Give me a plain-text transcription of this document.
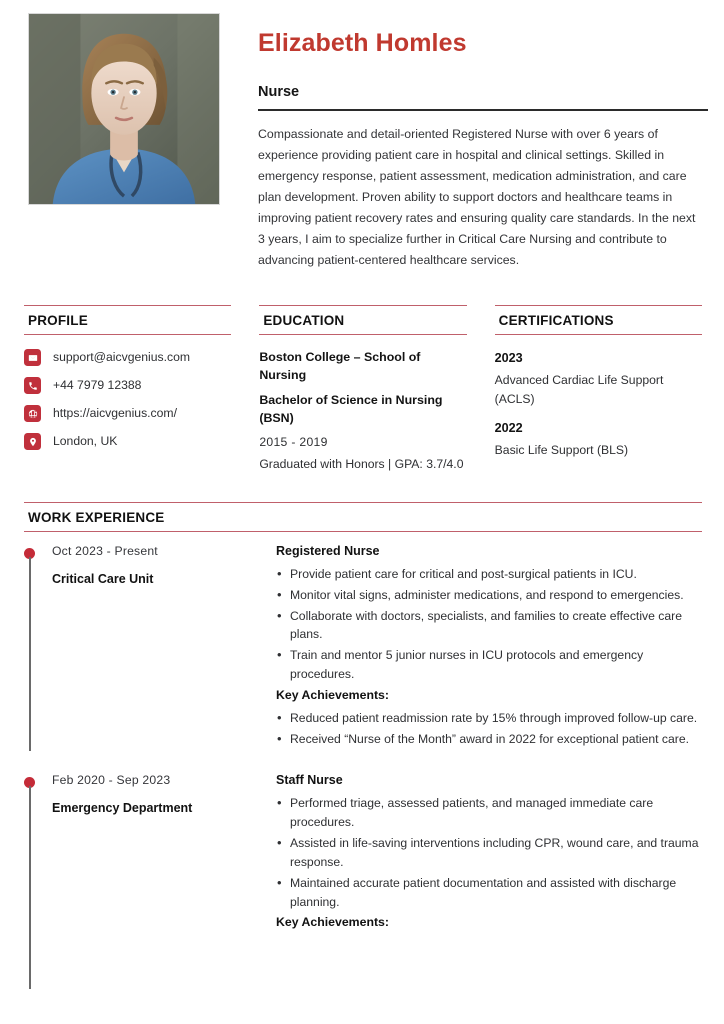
Elizabeth Homles
Nurse
Compassionate and detail-oriented Registered Nurse with over 6 years of experience providing patient care in hospital and clinical settings. Skilled in emergency response, patient assessment, medication administration, and care plan development. Proven ability to support doctors and healthcare teams in improving patient recovery rates and ensuring quality care standards. In the next 3 years, I aim to specialize further in Critical Care Nursing and contribute to advancing patient-centered healthcare services.
PROFILE
support@aicvgenius.com
+44 7979 12388
https://aicvgenius.com/
London, UK
EDUCATION
Boston College – School of Nursing
Bachelor of Science in Nursing (BSN)
2015 - 2019
Graduated with Honors | GPA: 3.7/4.0
CERTIFICATIONS
2023
Advanced Cardiac Life Support (ACLS)
2022
Basic Life Support (BLS)
WORK EXPERIENCE
Oct 2023 - Present
Critical Care Unit
Registered Nurse
• Provide patient care for critical and post-surgical patients in ICU.
• Monitor vital signs, administer medications, and respond to emergencies.
• Collaborate with doctors, specialists, and families to create effective care plans.
• Train and mentor 5 junior nurses in ICU protocols and emergency procedures.
Key Achievements:
• Reduced patient readmission rate by 15% through improved follow-up care.
• Received “Nurse of the Month” award in 2022 for exceptional patient care.
Feb 2020 - Sep 2023
Emergency Department
Staff Nurse
• Performed triage, assessed patients, and managed immediate care procedures.
• Assisted in life-saving interventions including CPR, wound care, and trauma response.
• Maintained accurate patient documentation and assisted with discharge planning.
Key Achievements:
